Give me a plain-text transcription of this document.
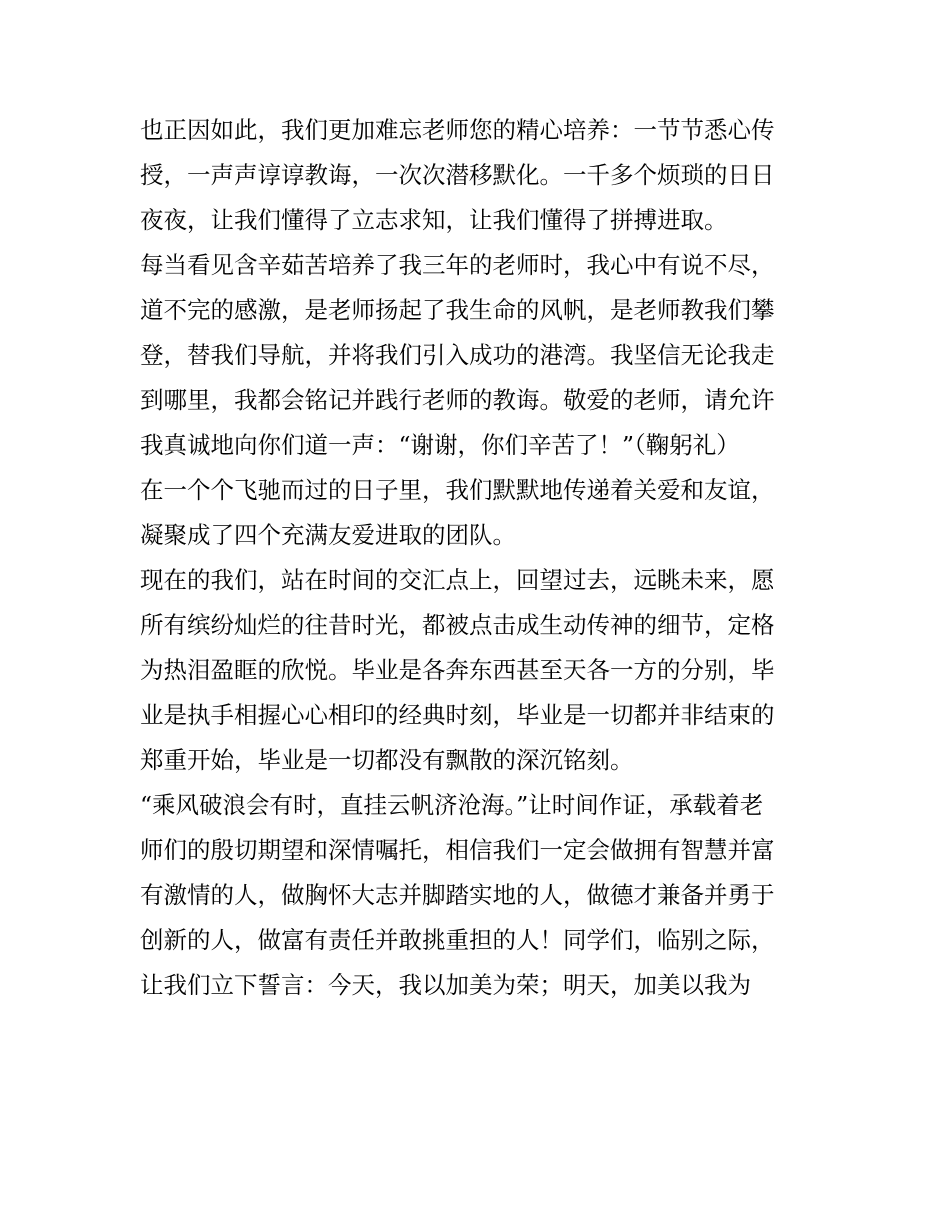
也正因如此，我们更加难忘老师您的精心培养：一节节悉心传
授，一声声谆谆教诲，一次次潜移默化。一千多个烦琐的日日
夜夜，让我们懂得了立志求知，让我们懂得了拼搏进取。
每当看见含辛茹苦培养了我三年的老师时，我心中有说不尽，
道不完的感激，是老师扬起了我生命的风帆，是老师教我们攀
登，替我们导航，并将我们引入成功的港湾。我坚信无论我走
到哪里，我都会铭记并践行老师的教诲。敬爱的老师，请允许
我真诚地向你们道一声：“谢谢，你们辛苦了！”（鞠躬礼）
在一个个飞驰而过的日子里，我们默默地传递着关爱和友谊，
凝聚成了四个充满友爱进取的团队。
现在的我们，站在时间的交汇点上，回望过去，远眺未来，愿
所有缤纷灿烂的往昔时光，都被点击成生动传神的细节，定格
为热泪盈眶的欣悦。毕业是各奔东西甚至天各一方的分别，毕
业是执手相握心心相印的经典时刻，毕业是一切都并非结束的
郑重开始，毕业是一切都没有飘散的深沉铭刻。
“乘风破浪会有时，直挂云帆济沧海。”让时间作证，承载着老
师们的殷切期望和深情嘱托，相信我们一定会做拥有智慧并富
有激情的人，做胸怀大志并脚踏实地的人，做德才兼备并勇于
创新的人，做富有责任并敢挑重担的人！同学们，临别之际，
让我们立下誓言：今天，我以加美为荣；明天，加美以我为
